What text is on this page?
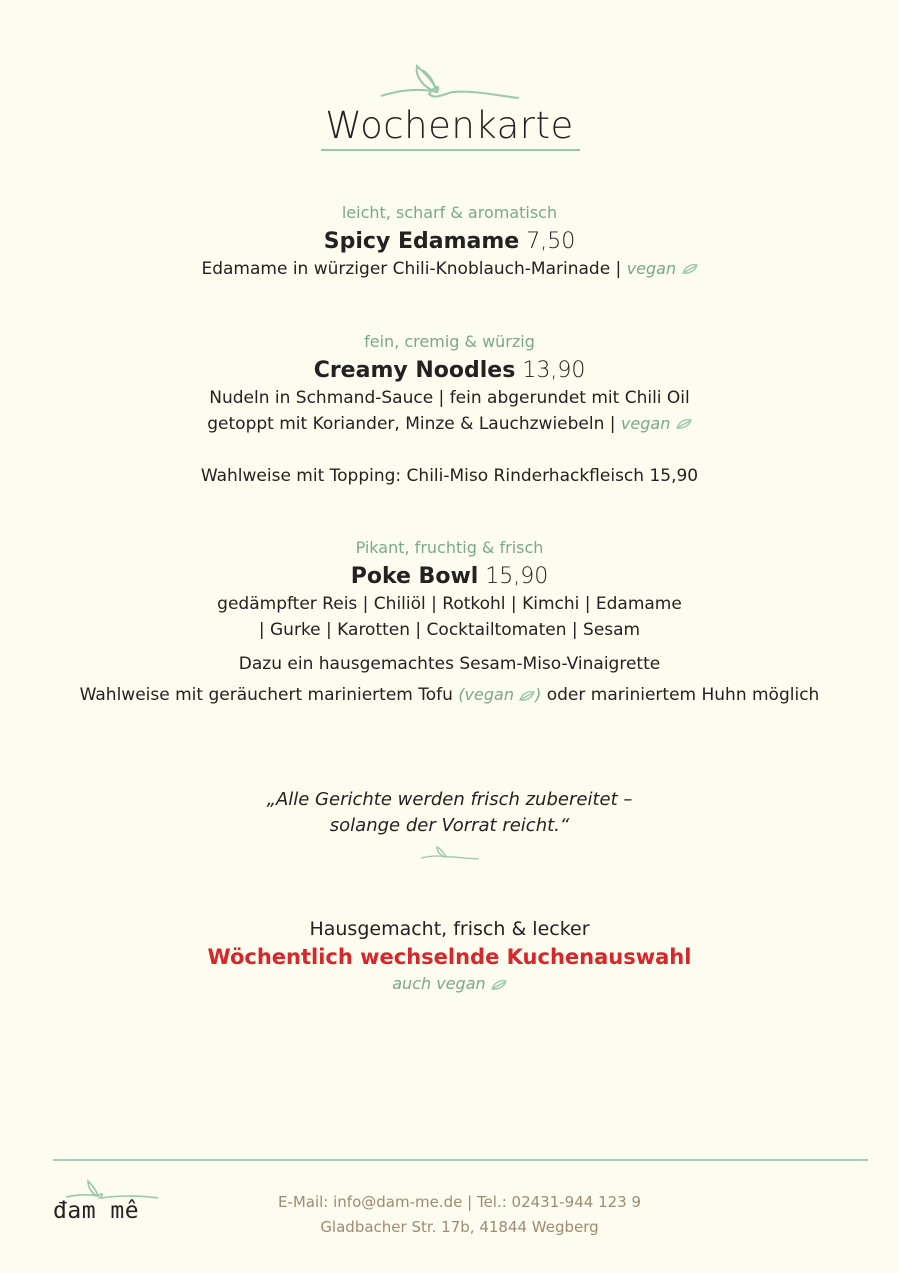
Wochenkarte
leicht, scharf & aromatisch
Spicy Edamame 7,50
Edamame in würziger Chili-Knoblauch-Marinade | vegan
fein, cremig & würzig
Creamy Noodles 13,90
Nudeln in Schmand-Sauce | fein abgerundet mit Chili Oil
getoppt mit Koriander, Minze & Lauchzwiebeln | vegan
Wahlweise mit Topping: Chili-Miso Rinderhackfleisch 15,90
Pikant, fruchtig & frisch
Poke Bowl 15,90
gedämpfter Reis | Chiliöl | Rotkohl | Kimchi | Edamame
| Gurke | Karotten | Cocktailtomaten | Sesam
Dazu ein hausgemachtes Sesam-Miso-Vinaigrette
Wahlweise mit geräuchert mariniertem Tofu (vegan ) oder mariniertem Huhn möglich
„Alle Gerichte werden frisch zubereitet –
solange der Vorrat reicht.“
Hausgemacht, frisch & lecker
Wöchentlich wechselnde Kuchenauswahl
auch vegan
đam mê	E-Mail: info@dam-me.de | Tel.: 02431-944 123 9
Gladbacher Str. 17b, 41844 Wegberg
